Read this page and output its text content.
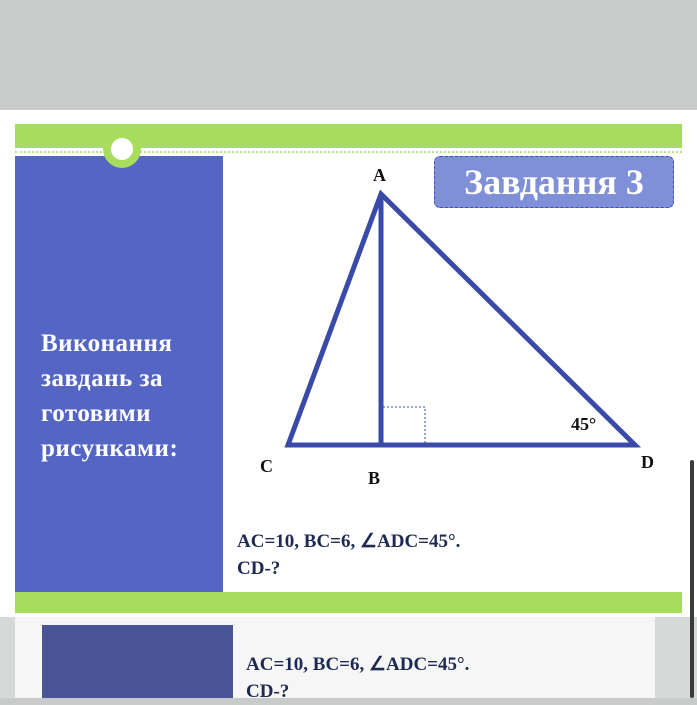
Виконання
завдань за
готовими
рисунками:

Завдання 3
A
C
B
D
45°

AC=10, BC=6, ∠ADC=45°.
CD-?

AC=10, BC=6, ∠ADC=45°.
CD-?
